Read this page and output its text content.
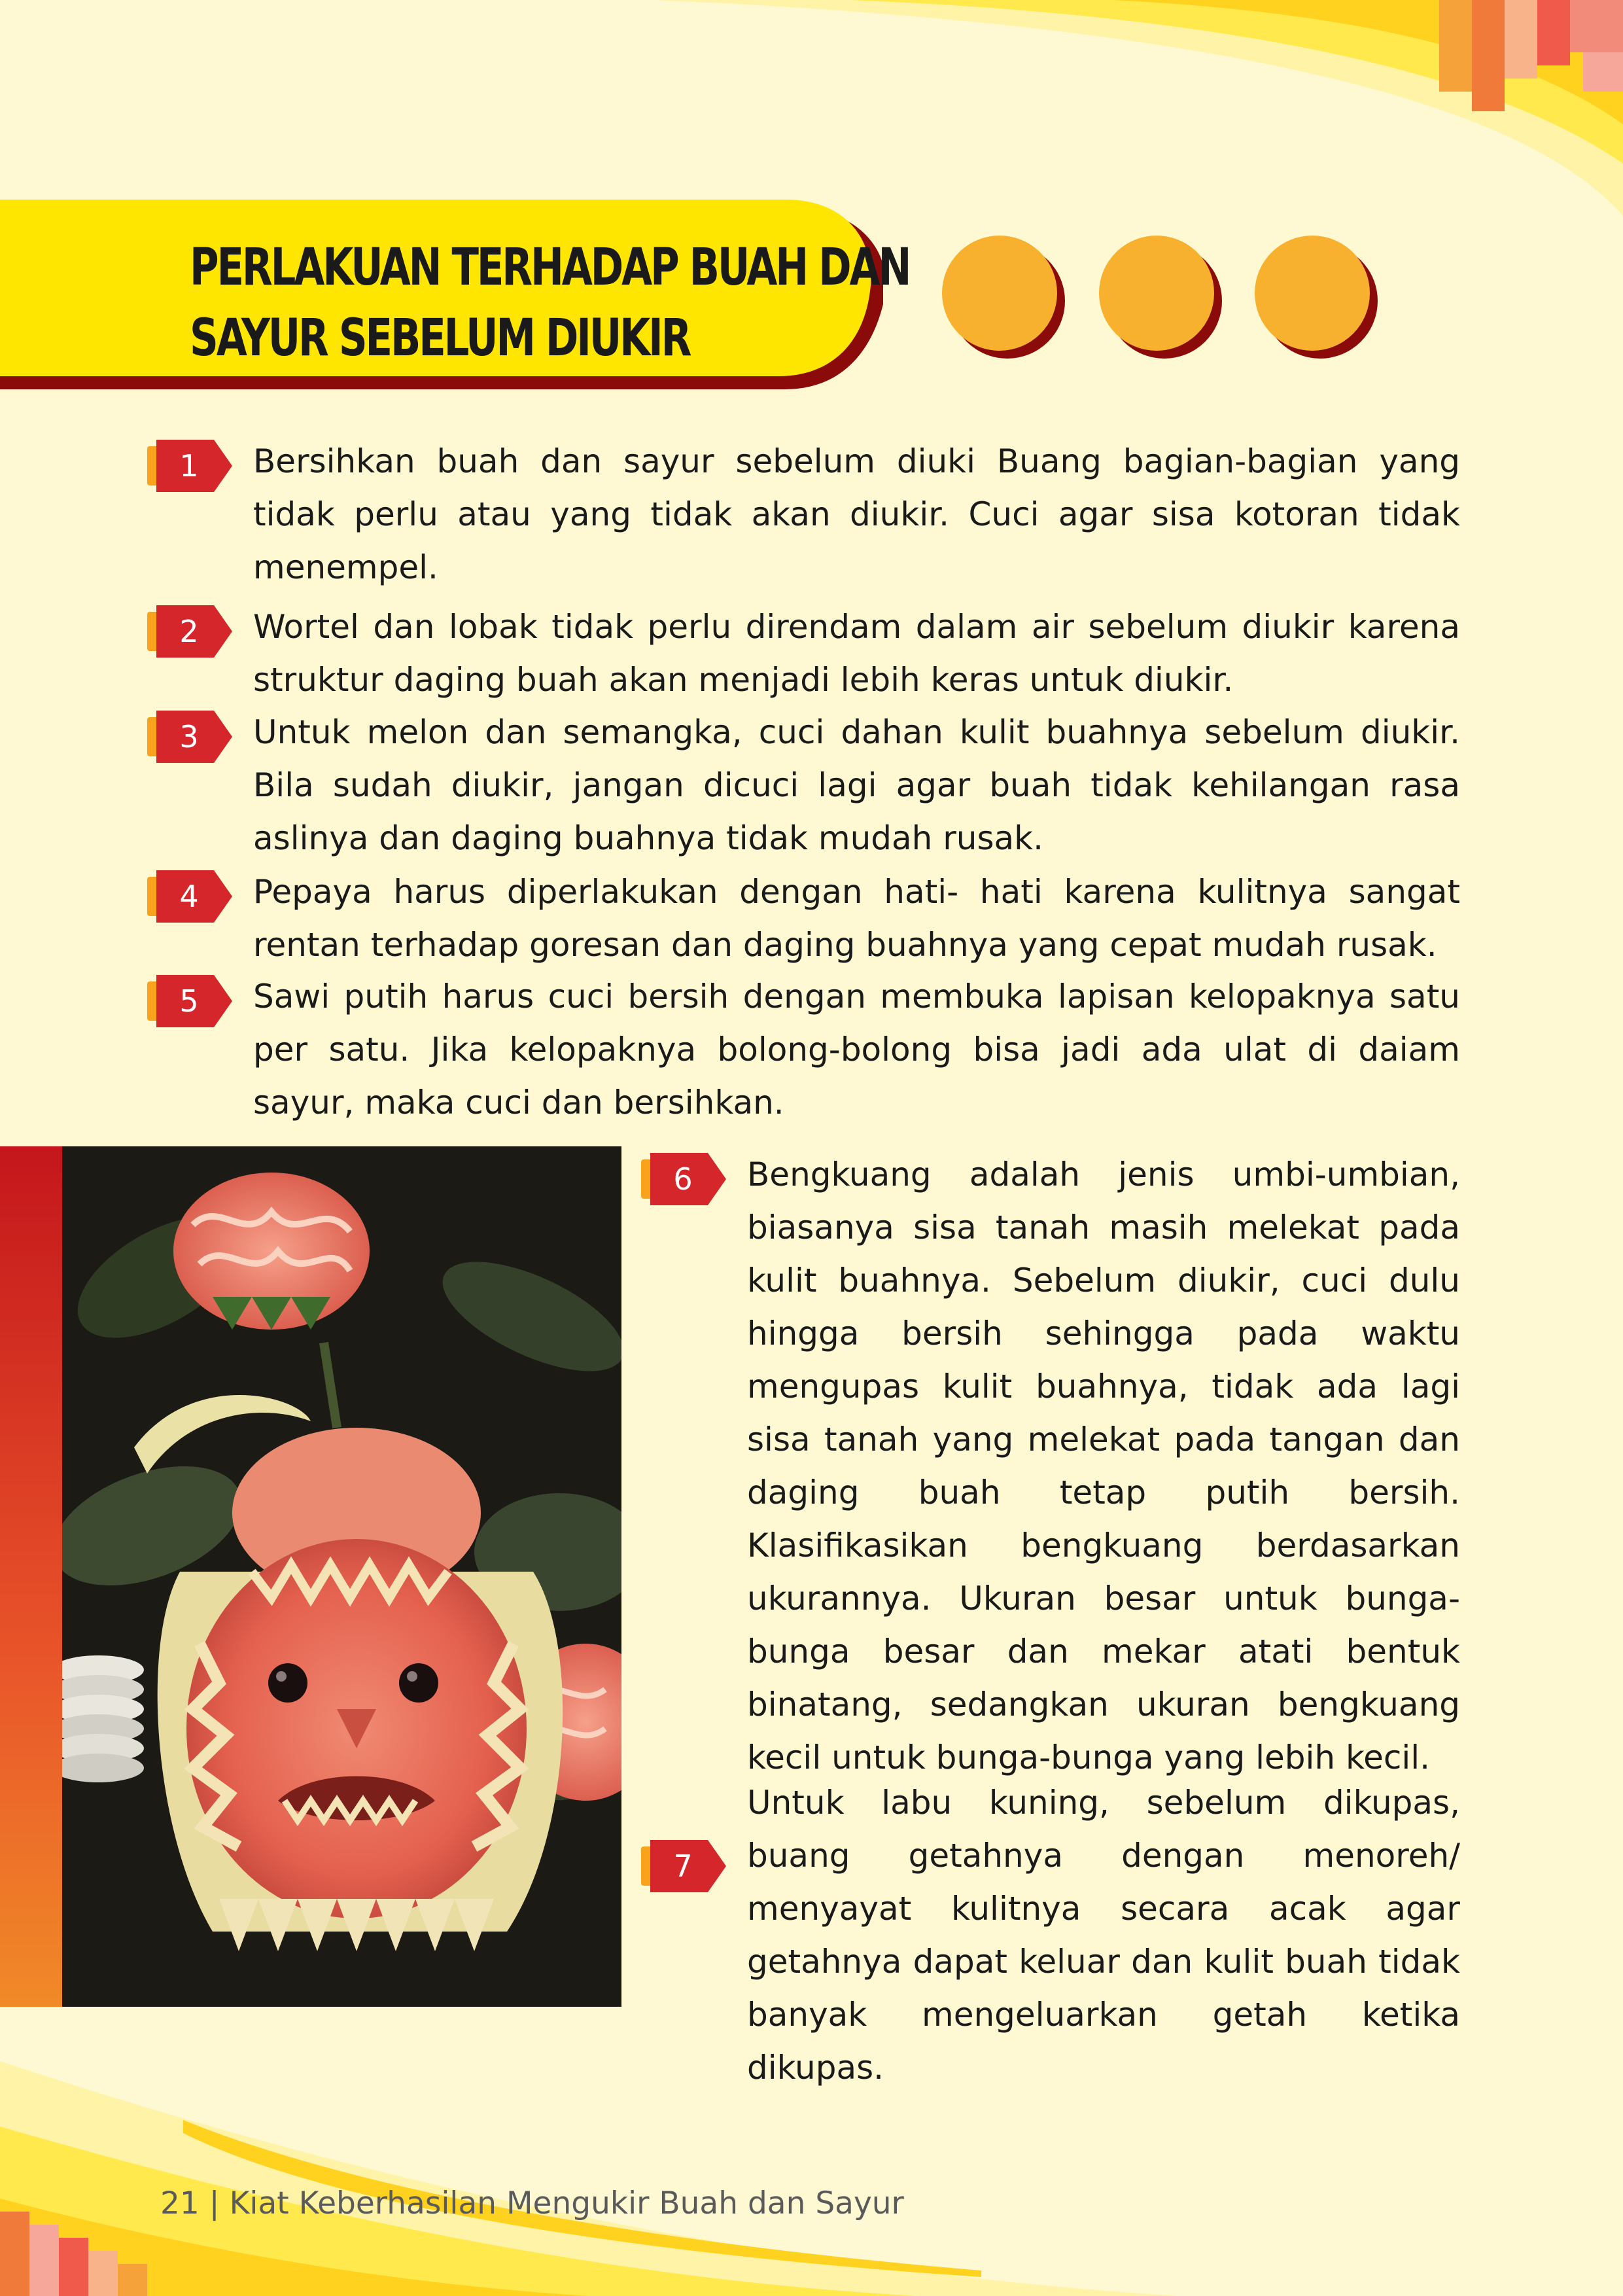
PERLAKUAN TERHADAP BUAH DAN
SAYUR SEBELUM DIUKIR
1	Bersihkan buah dan sayur sebelum diuki Buang bagian-bagian yang tidak perlu atau yang tidak akan diukir. Cuci agar sisa kotoran tidak menempel.

2	Wortel dan lobak tidak perlu direndam dalam air sebelum diukir karena struktur daging buah akan menjadi lebih keras untuk diukir.

3	Untuk melon dan semangka, cuci dahan kulit buahnya sebelum diukir. Bila sudah diukir, jangan dicuci lagi agar buah tidak kehilangan rasa aslinya dan daging buahnya tidak mudah rusak.

4	Pepaya harus diperlakukan dengan hati- hati karena kulitnya sangat rentan terhadap goresan dan daging buahnya yang cepat mudah rusak.

5	Sawi putih harus cuci bersih dengan membuka lapisan kelopaknya satu per satu. Jika kelopaknya bolong-bolong bisa jadi ada ulat di daiam sayur, maka cuci dan bersihkan.

6	Bengkuang adalah jenis umbi-umbian, biasanya sisa tanah masih melekat pada kulit buahnya. Sebelum diukir, cuci dulu hingga bersih sehingga pada waktu mengupas kulit buahnya, tidak ada lagi sisa tanah yang melekat pada tangan dan daging buah tetap putih bersih. Klasifikasikan bengkuang berdasarkan ukurannya. Ukuran besar untuk bunga-bunga besar dan mekar atati bentuk binatang, sedangkan ukuran bengkuang kecil untuk bunga-bunga yang lebih kecil.

7

Untuk labu kuning, sebelum dikupas, buang getahnya dengan menoreh/ menyayat kulitnya secara acak agar getahnya dapat keluar dan kulit buah tidak banyak mengeluarkan getah ketika dikupas.

21 | Kiat Keberhasilan Mengukir Buah dan Sayur
